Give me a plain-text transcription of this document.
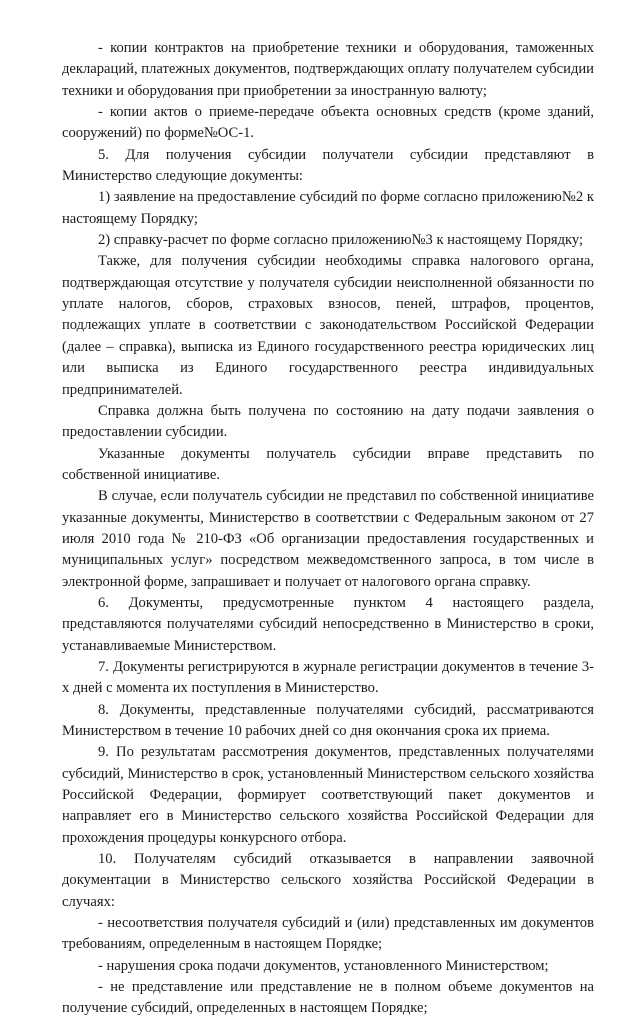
- копии контрактов на приобретение техники и оборудования, таможенных деклараций, платежных документов, подтверждающих оплату получателем субсидии техники и оборудования при приобретении за иностранную валюту;

- копии актов о приеме-передаче объекта основных средств (кроме зданий, сооружений) по форме№ОС-1.

5. Для получения субсидии получатели субсидии представляют в Министерство следующие документы:

1) заявление на предоставление субсидий по форме согласно приложению№2 к настоящему Порядку;

2) справку-расчет по форме согласно приложению№3 к настоящему Порядку;

Также, для получения субсидии необходимы справка налогового органа, подтверждающая отсутствие у получателя субсидии неисполненной обязанности по уплате налогов, сборов, страховых взносов, пеней, штрафов, процентов, подлежащих уплате в соответствии с законодательством Российской Федерации (далее – справка), выписка из Единого государственного реестра юридических лиц или выписка из Единого государственного реестра индивидуальных предпринимателей.

Справка должна быть получена по состоянию на дату подачи заявления о предоставлении субсидии.

Указанные документы получатель субсидии вправе представить по собственной инициативе.

В случае, если получатель субсидии не представил по собственной инициативе указанные документы, Министерство в соответствии с Федеральным законом от 27 июля 2010 года № 210-ФЗ «Об организации предоставления государственных и муниципальных услуг» посредством межведомственного запроса, в том числе в электронной форме, запрашивает и получает от налогового органа справку.

6. Документы, предусмотренные пунктом 4 настоящего раздела, представляются получателями субсидий непосредственно в Министерство в сроки, устанавливаемые Министерством.

7. Документы регистрируются в журнале регистрации документов в течение 3-х дней с момента их поступления в Министерство.

8. Документы, представленные получателями субсидий, рассматриваются Министерством в течение 10 рабочих дней со дня окончания срока их приема.

9. По результатам рассмотрения документов, представленных получателями субсидий, Министерство в срок, установленный Министерством сельского хозяйства Российской Федерации, формирует соответствующий пакет документов и направляет его в Министерство сельского хозяйства Российской Федерации для прохождения процедуры конкурсного отбора.

10. Получателям субсидий отказывается в направлении заявочной документации в Министерство сельского хозяйства Российской Федерации в случаях:

- несоответствия получателя субсидий и (или) представленных им документов требованиям, определенным в настоящем Порядке;

- нарушения срока подачи документов, установленного Министерством;

- не представление или представление не в полном объеме документов на получение субсидий, определенных в настоящем Порядке;
